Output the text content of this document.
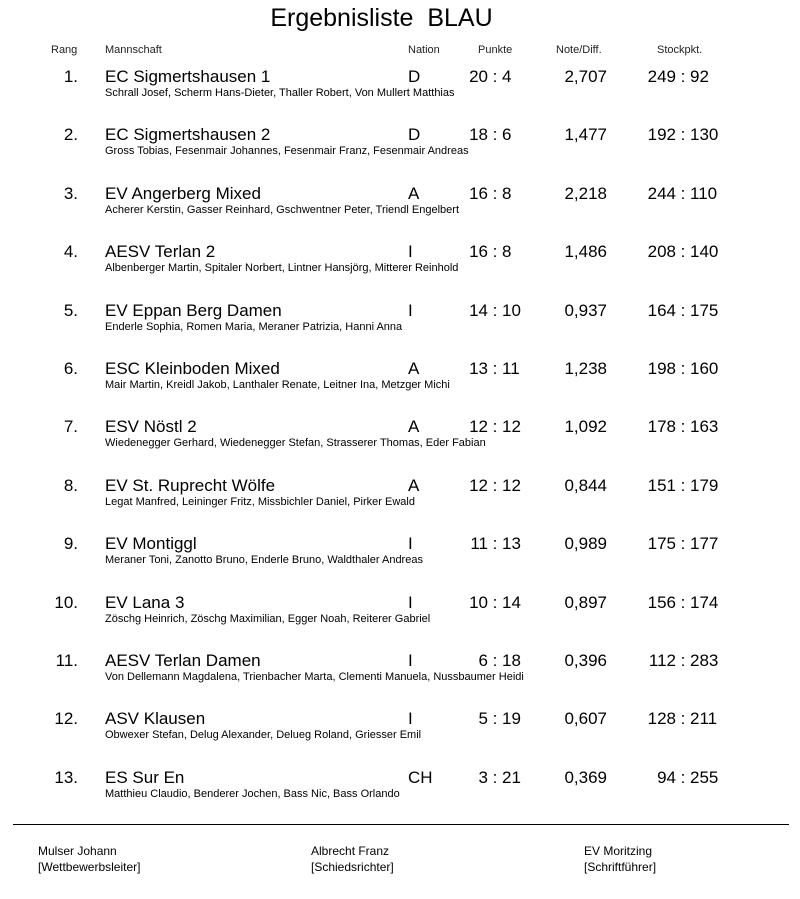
Ergebnisliste  BLAU
Rang	Mannschaft	Nation	Punkte	Note/Diff.	Stockpkt.
1. EC Sigmertshausen 1	D	20 : 4	2,707	249 : 92
Schrall Josef, Scherm Hans-Dieter, Thaller Robert, Von Mullert Matthias
2. EC Sigmertshausen 2	D	18 : 6	1,477	192 : 130
Gross Tobias, Fesenmair Johannes, Fesenmair Franz, Fesenmair Andreas
3. EV Angerberg Mixed	A	16 : 8	2,218	244 : 110
Acherer Kerstin, Gasser Reinhard, Gschwentner Peter, Triendl Engelbert
4. AESV Terlan 2	I	16 : 8	1,486	208 : 140
Albenberger Martin, Spitaler Norbert, Lintner Hansjörg, Mitterer Reinhold
5. EV Eppan Berg Damen	I	14 : 10	0,937	164 : 175
Enderle Sophia, Romen Maria, Meraner Patrizia, Hanni Anna
6. ESC Kleinboden Mixed	A	13 : 11	1,238	198 : 160
Mair Martin, Kreidl Jakob, Lanthaler Renate, Leitner Ina, Metzger Michi
7. ESV Nöstl 2	A	12 : 12	1,092	178 : 163
Wiedenegger Gerhard, Wiedenegger Stefan, Strasserer Thomas, Eder Fabian
8. EV St. Ruprecht Wölfe	A	12 : 12	0,844	151 : 179
Legat Manfred, Leininger Fritz, Missbichler Daniel, Pirker Ewald
9. EV Montiggl	I	11 : 13	0,989	175 : 177
Meraner Toni, Zanotto Bruno, Enderle Bruno, Waldthaler Andreas
10. EV Lana 3	I	10 : 14	0,897	156 : 174
Zöschg Heinrich, Zöschg Maximilian, Egger Noah, Reiterer Gabriel
11. AESV Terlan Damen	I	6 : 18	0,396	112 : 283
Von Dellemann Magdalena, Trienbacher Marta, Clementi Manuela, Nussbaumer Heidi
12. ASV Klausen	I	5 : 19	0,607	128 : 211
Obwexer Stefan, Delug Alexander, Delueg Roland, Griesser Emil
13. ES Sur En	CH	3 : 21	0,369	94 : 255
Matthieu Claudio, Benderer Jochen, Bass Nic, Bass Orlando
Mulser Johann
[Wettbewerbsleiter]
Albrecht Franz
[Schiedsrichter]
EV Moritzing
[Schriftführer]
